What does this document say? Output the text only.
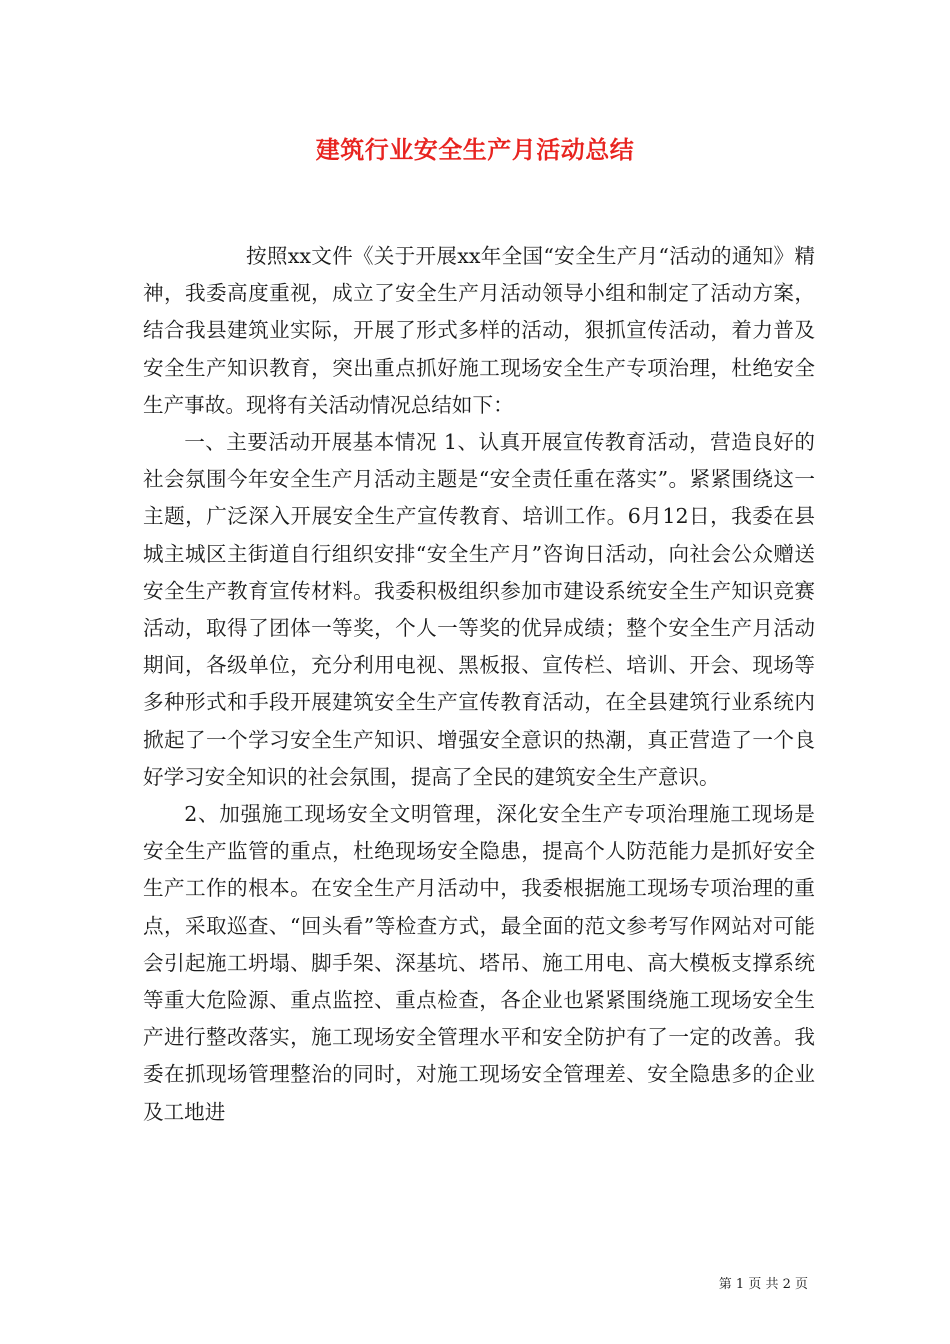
建筑行业安全生产月活动总结

按照xx文件《关于开展xx年全国“安全生产月“活动的通知》精神，我委高度重视，成立了安全生产月活动领导小组和制定了活动方案，结合我县建筑业实际，开展了形式多样的活动，狠抓宣传活动，着力普及安全生产知识教育，突出重点抓好施工现场安全生产专项治理，杜绝安全生产事故。现将有关活动情况总结如下：

一、主要活动开展基本情况 1、认真开展宣传教育活动，营造良好的社会氛围今年安全生产月活动主题是“安全责任重在落实”。紧紧围绕这一主题，广泛深入开展安全生产宣传教育、培训工作。6月12日，我委在县城主城区主街道自行组织安排“安全生产月”咨询日活动，向社会公众赠送安全生产教育宣传材料。我委积极组织参加市建设系统安全生产知识竞赛活动，取得了团体一等奖，个人一等奖的优异成绩；整个安全生产月活动期间，各级单位，充分利用电视、黑板报、宣传栏、培训、开会、现场等多种形式和手段开展建筑安全生产宣传教育活动，在全县建筑行业系统内掀起了一个学习安全生产知识、增强安全意识的热潮，真正营造了一个良好学习安全知识的社会氛围，提高了全民的建筑安全生产意识。

2、加强施工现场安全文明管理，深化安全生产专项治理施工现场是安全生产监管的重点，杜绝现场安全隐患，提高个人防范能力是抓好安全生产工作的根本。在安全生产月活动中，我委根据施工现场专项治理的重点，采取巡查、“回头看”等检查方式，最全面的范文参考写作网站对可能会引起施工坍塌、脚手架、深基坑、塔吊、施工用电、高大模板支撑系统等重大危险源、重点监控、重点检查，各企业也紧紧围绕施工现场安全生产进行整改落实，施工现场安全管理水平和安全防护有了一定的改善。我委在抓现场管理整治的同时，对施工现场安全管理差、安全隐患多的企业及工地进

第 1 页 共 2 页
